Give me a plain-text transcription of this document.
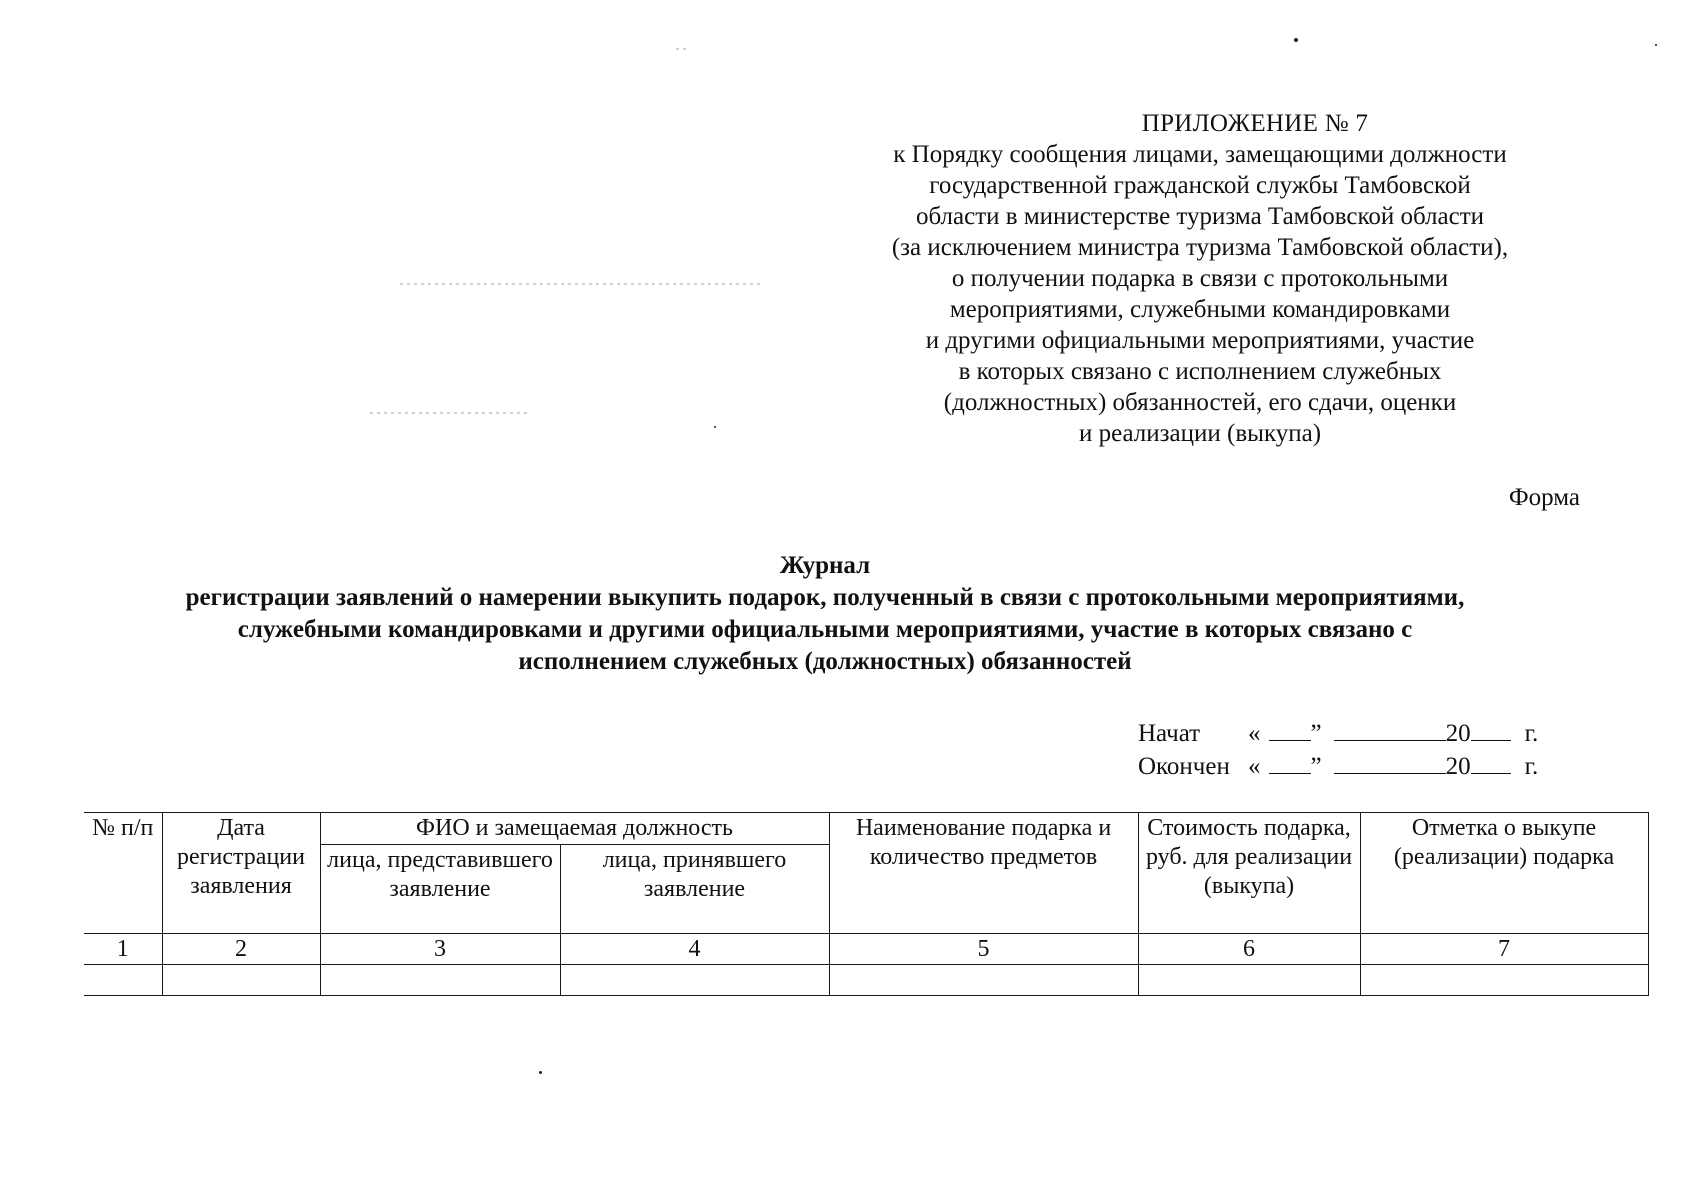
ПРИЛОЖЕНИЕ № 7
к Порядку сообщения лицами, замещающими должности
государственной гражданской службы Тамбовской
области в министерстве туризма Тамбовской области
(за исключением министра туризма Тамбовской области),
о получении подарка в связи с протокольными
мероприятиями, служебными командировками
и другими официальными мероприятиями, участие
в которых связано с исполнением служебных
(должностных) обязанностей, его сдачи, оценки
и реализации (выкупа)
Форма
Журнал
регистрации заявлений о намерении выкупить подарок, полученный в связи с протокольными мероприятиями,
служебными командировками и другими официальными мероприятиями, участие в которых связано с
исполнением служебных (должностных) обязанностей
Начат	« ”	20 г.
Окончен « ”	20 г.
№ п/п	Дата регистрации заявления	ФИО и замещаемая должность		Наименование подарка и количество предметов	Стоимость подарка, руб. для реализации (выкупа)	Отметка о выкупе (реализации) подарка
		лица, представившего заявление	лица, принявшего заявление			
1	2	3	4	5	6	7
